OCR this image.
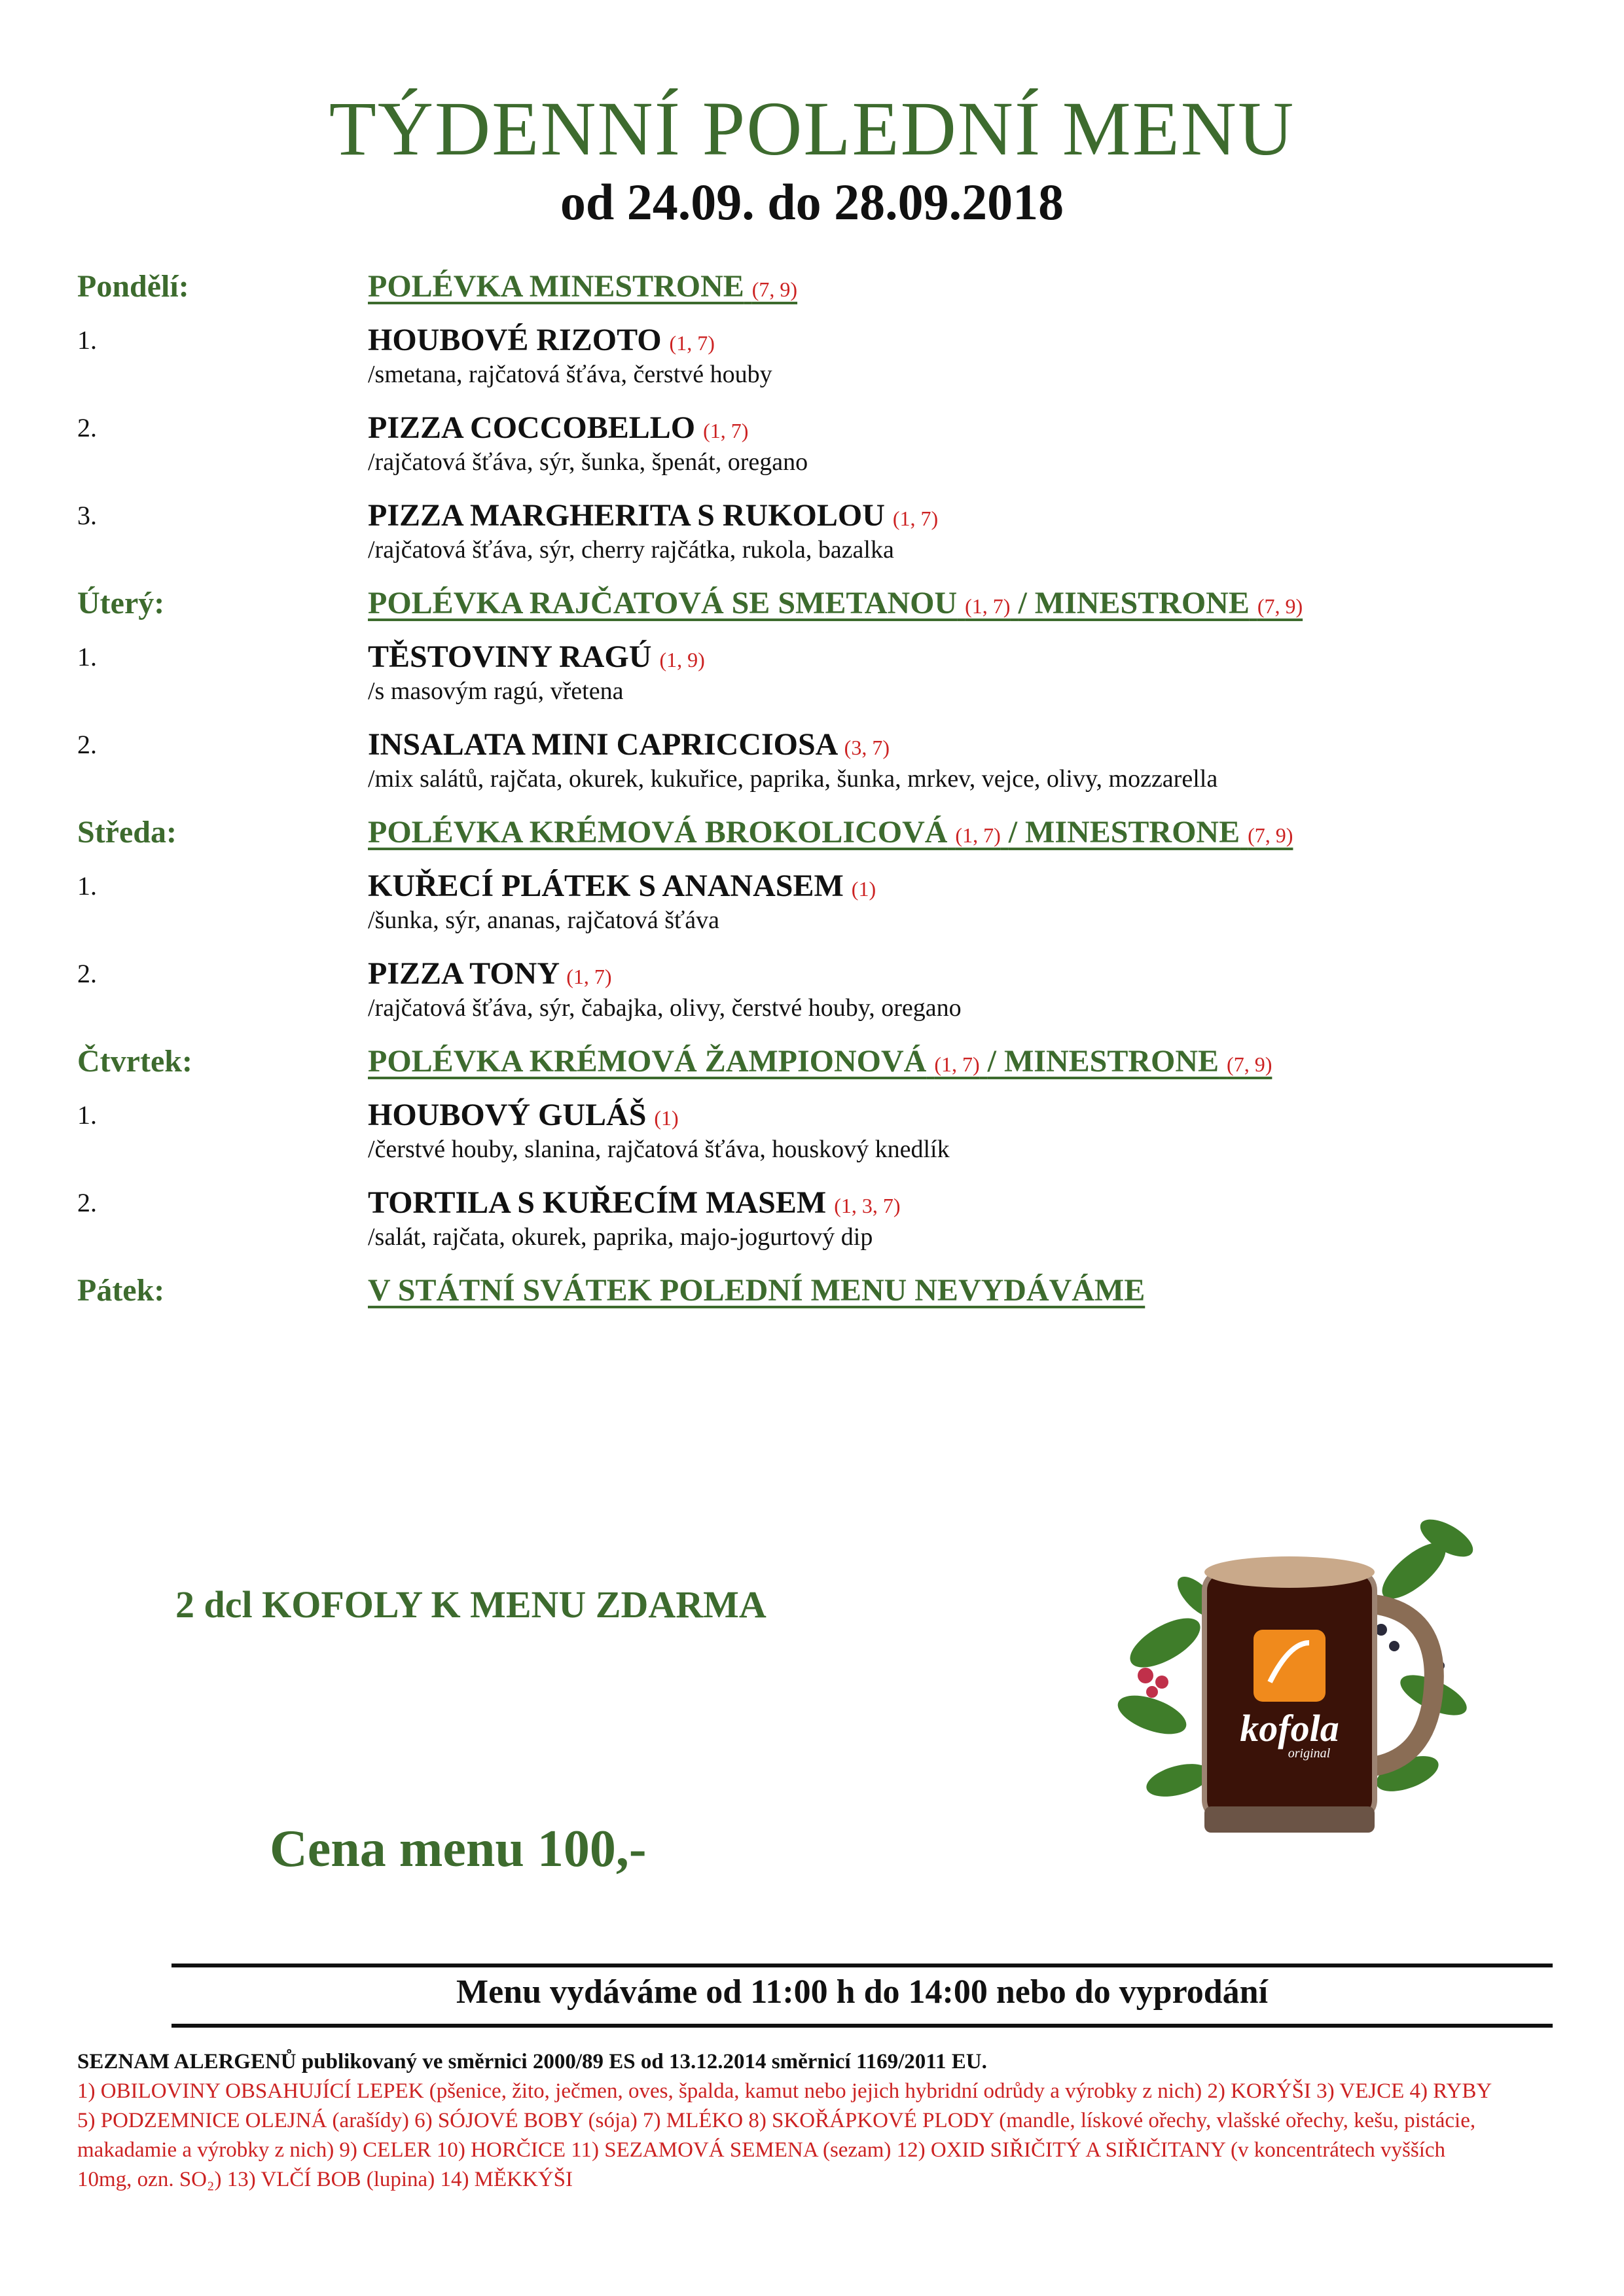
TÝDENNÍ POLEDNÍ MENU
od 24.09. do 28.09.2018
Pondělí:	POLÉVKA MINESTRONE (7, 9)
1.	HOUBOVÉ RIZOTO (1, 7)
/smetana, rajčatová šťáva, čerstvé houby
2.	PIZZA COCCOBELLO (1, 7)
/rajčatová šťáva, sýr, šunka, špenát, oregano
3.	PIZZA MARGHERITA S RUKOLOU (1, 7)
/rajčatová šťáva, sýr, cherry rajčátka, rukola, bazalka
Úterý:	POLÉVKA RAJČATOVÁ SE SMETANOU (1, 7) / MINESTRONE (7, 9)
1.	TĚSTOVINY RAGÚ (1, 9)
/s masovým ragú, vřetena
2.	INSALATA MINI CAPRICCIOSA (3, 7)
/mix salátů, rajčata, okurek, kukuřice, paprika, šunka, mrkev, vejce, olivy, mozzarella
Středa:	POLÉVKA KRÉMOVÁ BROKOLICOVÁ (1, 7) / MINESTRONE (7, 9)
1.	KUŘECÍ PLÁTEK S ANANASEM (1)
/šunka, sýr, ananas, rajčatová šťáva
2.	PIZZA TONY (1, 7)
/rajčatová šťáva, sýr, čabajka, olivy, čerstvé houby, oregano
Čtvrtek:	POLÉVKA KRÉMOVÁ ŽAMPIONOVÁ (1, 7) / MINESTRONE (7, 9)
1.	HOUBOVÝ GULÁŠ (1)
/čerstvé houby, slanina, rajčatová šťáva, houskový knedlík
2.	TORTILA S KUŘECÍM MASEM (1, 3, 7)
/salát, rajčata, okurek, paprika, majo-jogurtový dip
Pátek:	V STÁTNÍ SVÁTEK POLEDNÍ MENU NEVYDÁVÁME
2 dcl KOFOLY K MENU ZDARMA
kofola
original
Cena menu 100,-
Menu vydáváme od 11:00 h do 14:00 nebo do vyprodání
SEZNAM ALERGENŮ publikovaný ve směrnici 2000/89 ES od 13.12.2014 směrnicí 1169/2011 EU.
1) OBILOVINY OBSAHUJÍCÍ LEPEK (pšenice, žito, ječmen, oves, špalda, kamut nebo jejich hybridní odrůdy a výrobky z nich) 2) KORÝŠI 3) VEJCE 4) RYBY 5) PODZEMNICE OLEJNÁ (arašídy) 6) SÓJOVÉ BOBY (sója) 7) MLÉKO 8) SKOŘÁPKOVÉ PLODY (mandle, lískové ořechy, vlašské ořechy, kešu, pistácie, makadamie a výrobky z nich) 9) CELER 10) HORČICE 11) SEZAMOVÁ SEMENA (sezam) 12) OXID SIŘIČITÝ A SIŘIČITANY (v koncentrátech vyšších 10mg, ozn. SO₂) 13) VLČÍ BOB (lupina) 14) MĚKKÝŠI
